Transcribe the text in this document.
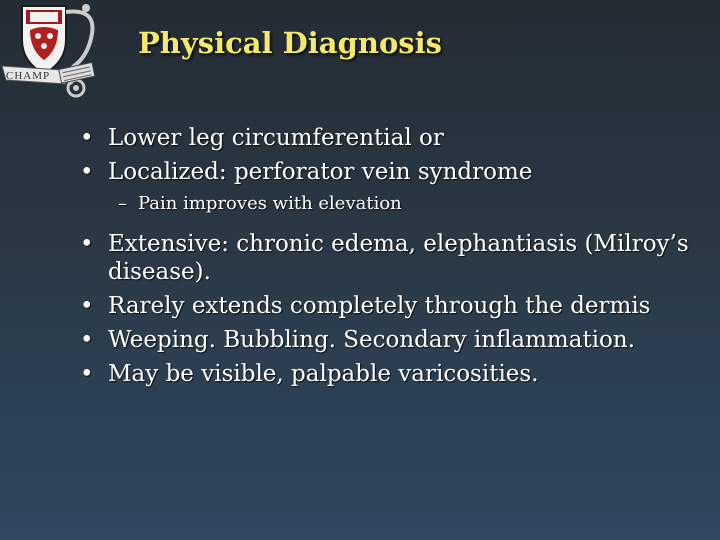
CHAMP
Physical Diagnosis
• Lower leg circumferential or
• Localized: perforator vein syndrome
– Pain improves with elevation
• Extensive: chronic edema, elephantiasis (Milroy’s disease).
• Rarely extends completely through the dermis
• Weeping. Bubbling. Secondary inflammation.
• May be visible, palpable varicosities.
